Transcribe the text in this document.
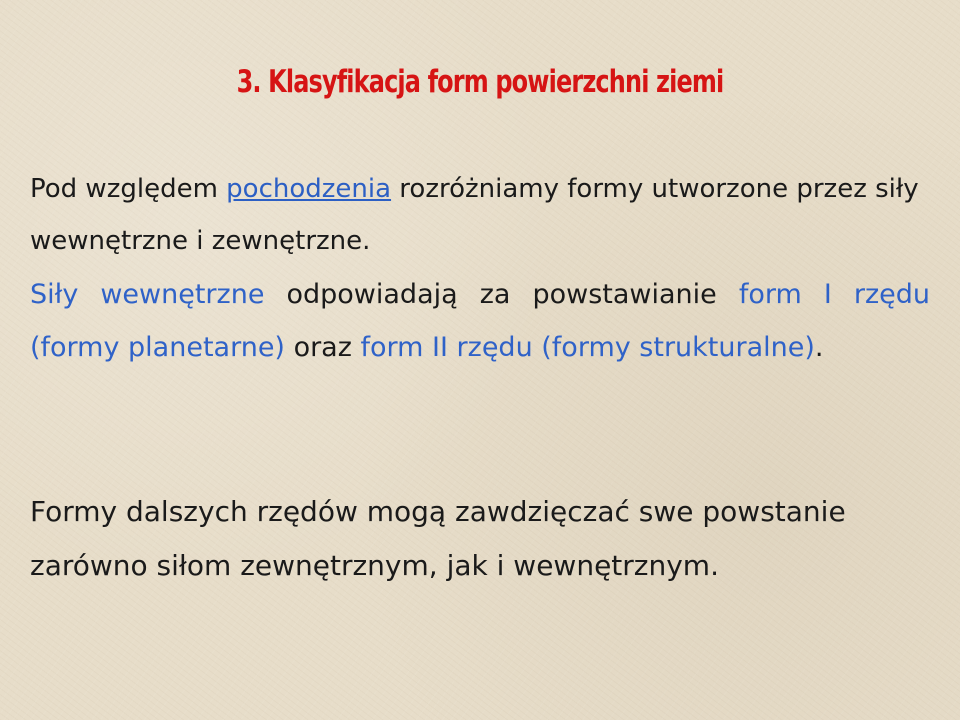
3. Klasyfikacja form powierzchni ziemi

Pod względem pochodzenia rozróżniamy formy utworzone przez siły wewnętrzne i zewnętrzne.

Siły wewnętrzne odpowiadają za powstawianie form I rzędu (formy planetarne) oraz form II rzędu (formy strukturalne).

Formy dalszych rzędów mogą zawdzięczać swe powstanie zarówno siłom zewnętrznym, jak i wewnętrznym.
